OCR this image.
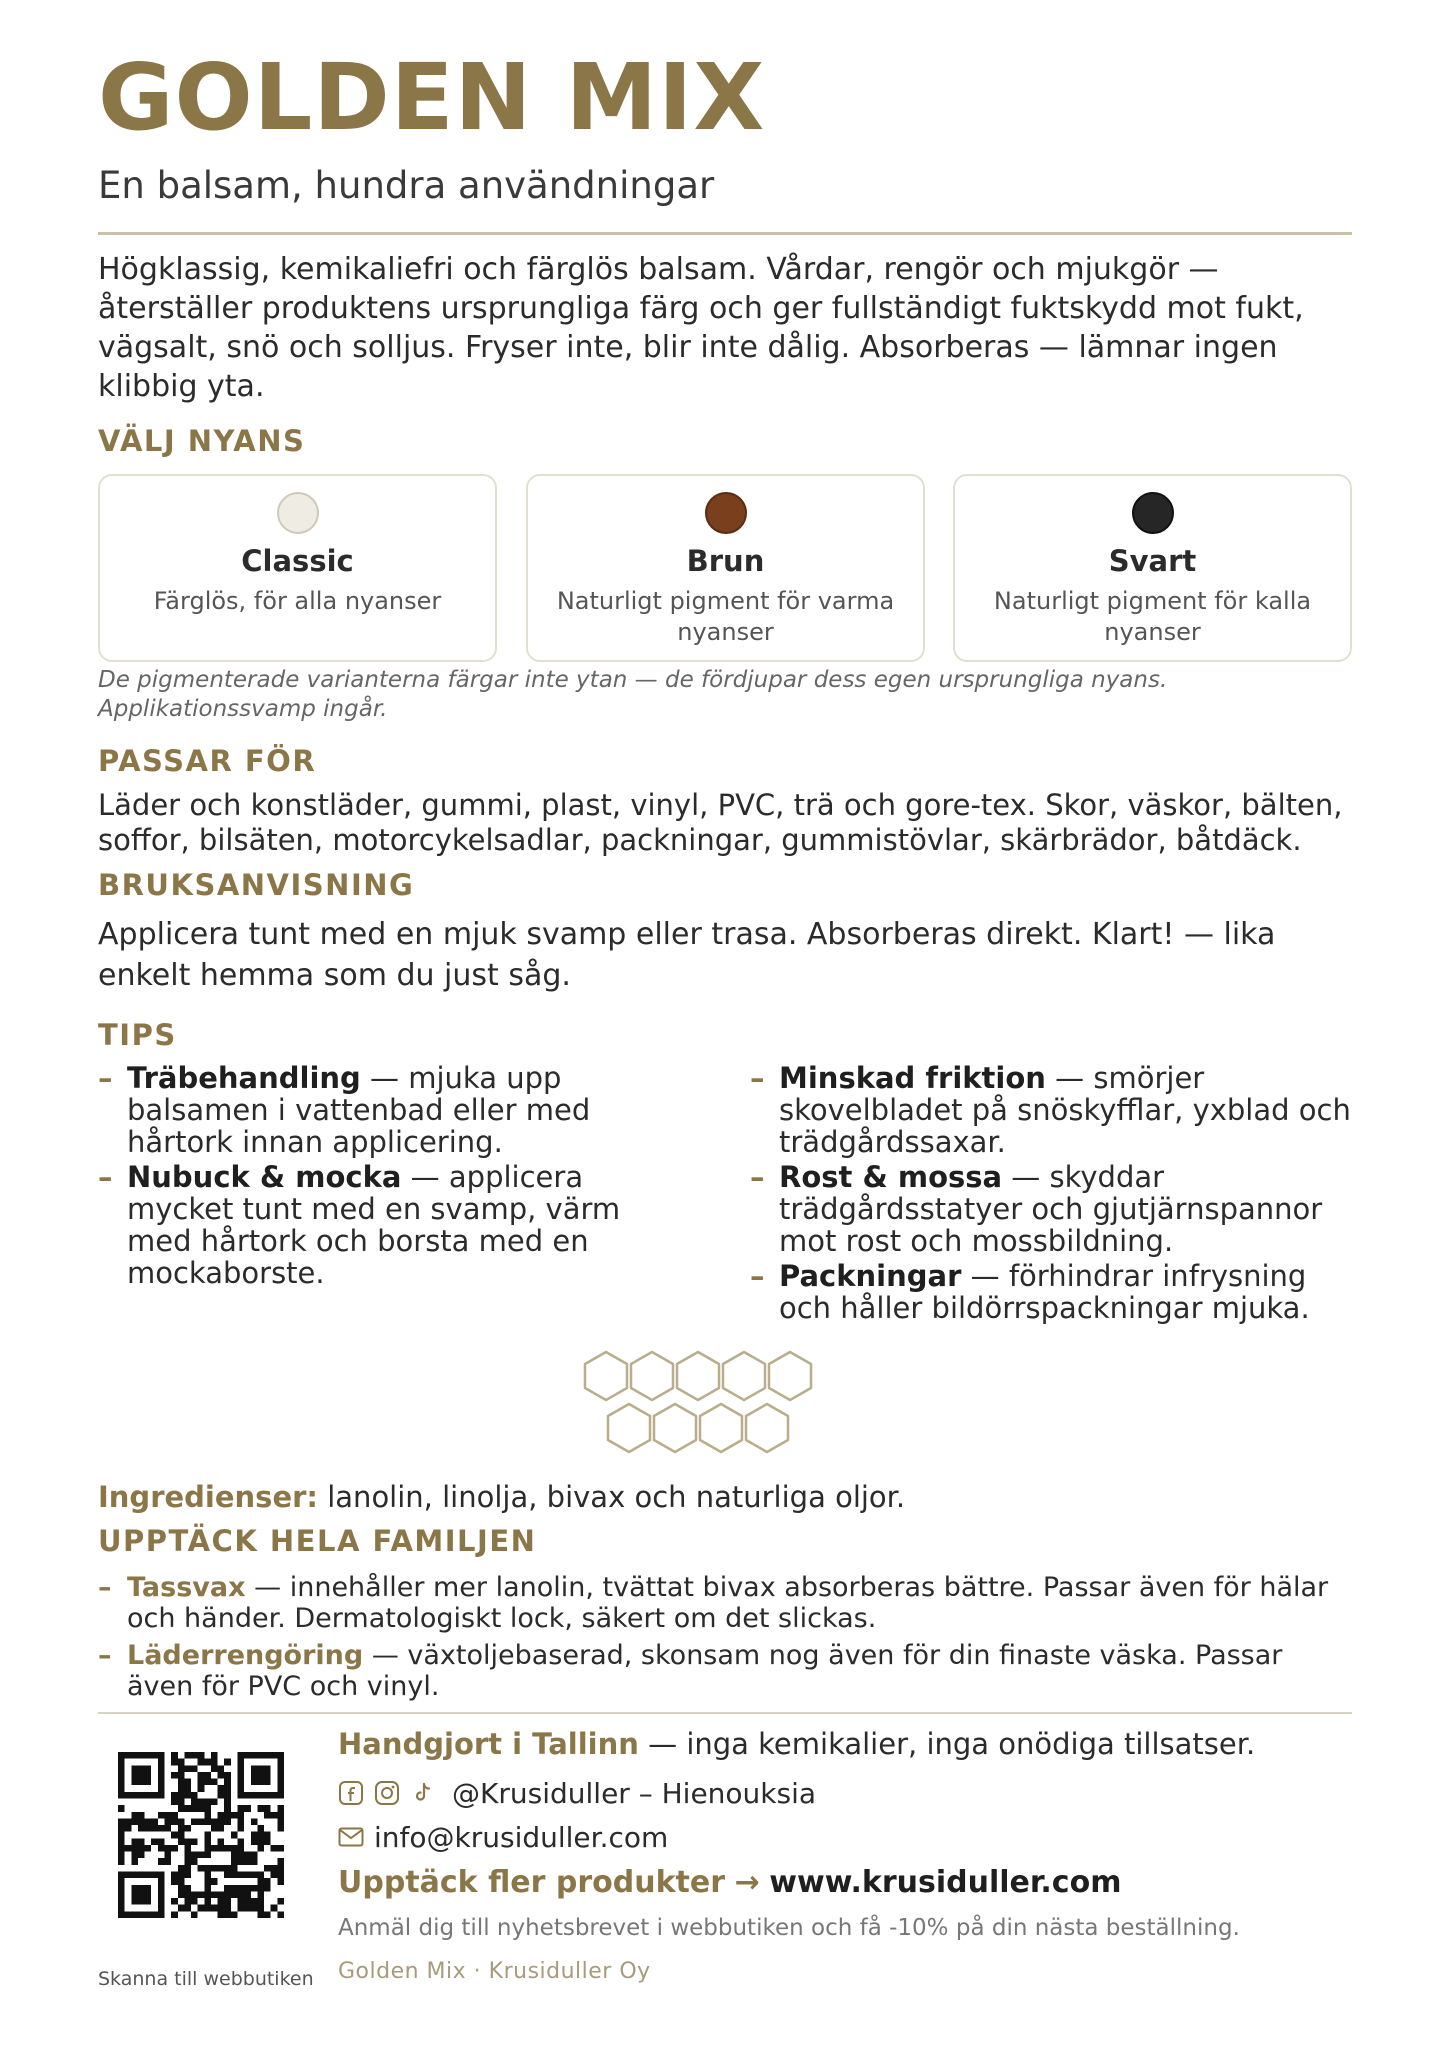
GOLDEN MIX
En balsam, hundra användningar

Högklassig, kemikaliefri och färglös balsam. Vårdar, rengör och mjukgör — återställer produktens ursprungliga färg och ger fullständigt fuktskydd mot fukt, vägsalt, snö och solljus. Fryser inte, blir inte dålig. Absorberas — lämnar ingen klibbig yta.

VÄLJ NYANS
Classic
Färglös, för alla nyanser
Brun
Naturligt pigment för varma nyanser
Svart
Naturligt pigment för kalla nyanser

De pigmenterade varianterna färgar inte ytan — de fördjupar dess egen ursprungliga nyans. Applikationssvamp ingår.

PASSAR FÖR

Läder och konstläder, gummi, plast, vinyl, PVC, trä och gore-tex. Skor, väskor, bälten, soffor, bilsäten, motorcykelsadlar, packningar, gummistövlar, skärbrädor, båtdäck.

BRUKSANVISNING

Applicera tunt med en mjuk svamp eller trasa. Absorberas direkt. Klart! — lika enkelt hemma som du just såg.

TIPS
– Träbehandling — mjuka upp balsamen i vattenbad eller med hårtork innan applicering.
– Nubuck & mocka — applicera mycket tunt med en svamp, värm med hårtork och borsta med en mockaborste.
– Minskad friktion — smörjer skovelbladet på snöskyfflar, yxblad och trädgårdssaxar.
– Rost & mossa — skyddar trädgårdsstatyer och gjutjärnspannor mot rost och mossbildning.
– Packningar — förhindrar infrysning och håller bildörrspackningar mjuka.

Ingredienser: lanolin, linolja, bivax och naturliga oljor.

UPPTÄCK HELA FAMILJEN
– Tassvax — innehåller mer lanolin, tvättat bivax absorberas bättre. Passar även för hälar och händer. Dermatologiskt lock, säkert om det slickas.
– Läderrengöring — växtoljebaserad, skonsam nog även för din finaste väska. Passar även för PVC och vinyl.
Skanna till webbutiken
Handgjort i Tallinn — inga kemikalier, inga onödiga tillsatser.
@Krusiduller – Hienouksia
info@krusiduller.com
Upptäck fler produkter → www.krusiduller.com
Anmäl dig till nyhetsbrevet i webbutiken och få -10% på din nästa beställning.
Golden Mix · Krusiduller Oy
